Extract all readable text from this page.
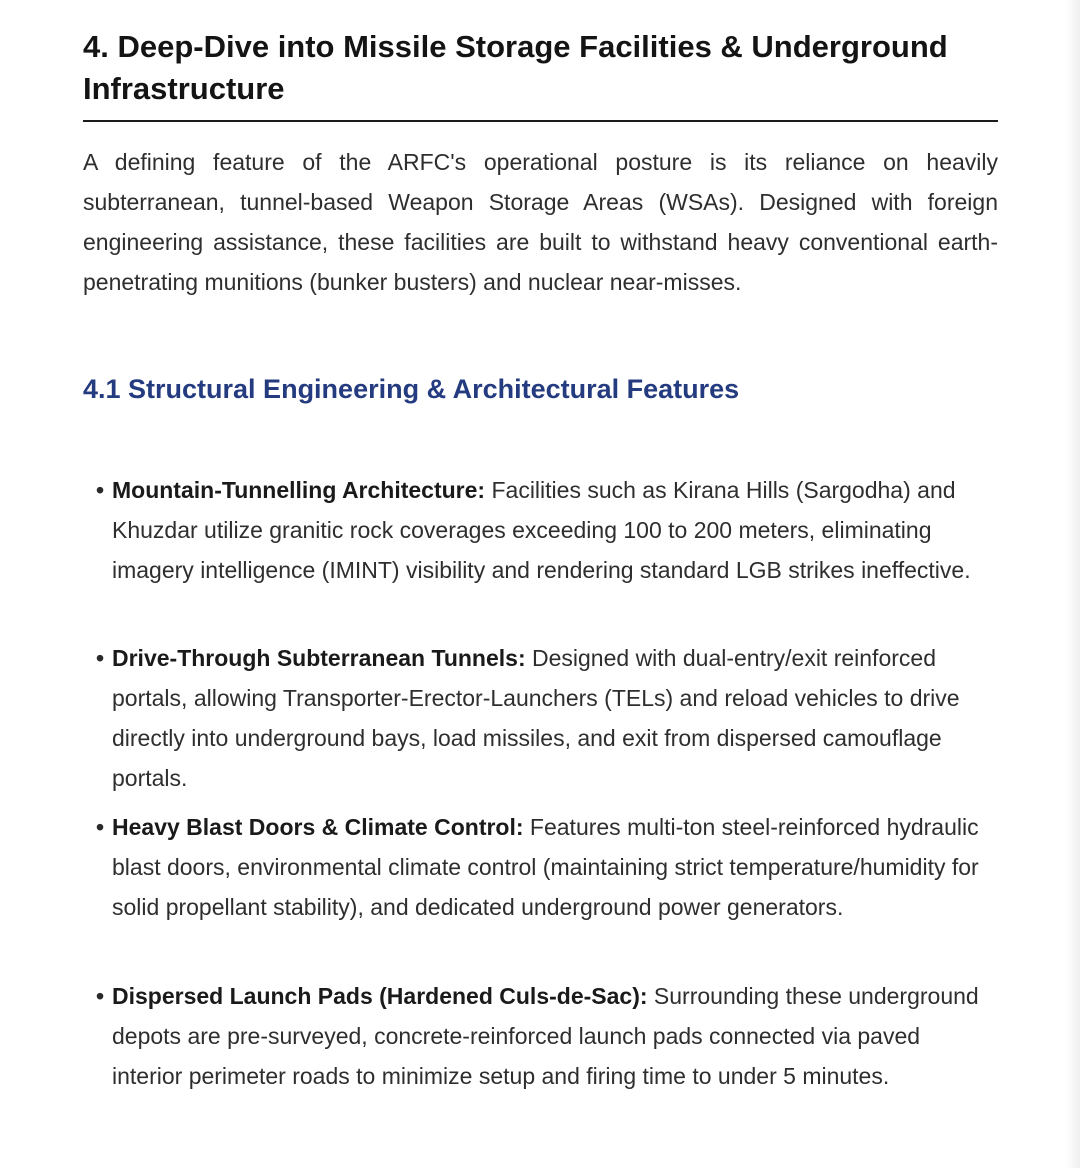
4. Deep-Dive into Missile Storage Facilities & Underground Infrastructure

A defining feature of the ARFC's operational posture is its reliance on heavily subterranean, tunnel-based Weapon Storage Areas (WSAs). Designed with foreign engineering assistance, these facilities are built to withstand heavy conventional earth-penetrating munitions (bunker busters) and nuclear near-misses.

4.1 Structural Engineering & Architectural Features
• Mountain-Tunnelling Architecture: Facilities such as Kirana Hills (Sargodha) and Khuzdar utilize granitic rock coverages exceeding 100 to 200 meters, eliminating imagery intelligence (IMINT) visibility and rendering standard LGB strikes ineffective.
• Drive-Through Subterranean Tunnels: Designed with dual-entry/exit reinforced portals, allowing Transporter-Erector-Launchers (TELs) and reload vehicles to drive directly into underground bays, load missiles, and exit from dispersed camouflage portals.
• Heavy Blast Doors & Climate Control: Features multi-ton steel-reinforced hydraulic blast doors, environmental climate control (maintaining strict temperature/humidity for solid propellant stability), and dedicated underground power generators.
• Dispersed Launch Pads (Hardened Culs-de-Sac): Surrounding these underground depots are pre-surveyed, concrete-reinforced launch pads connected via paved interior perimeter roads to minimize setup and firing time to under 5 minutes.
